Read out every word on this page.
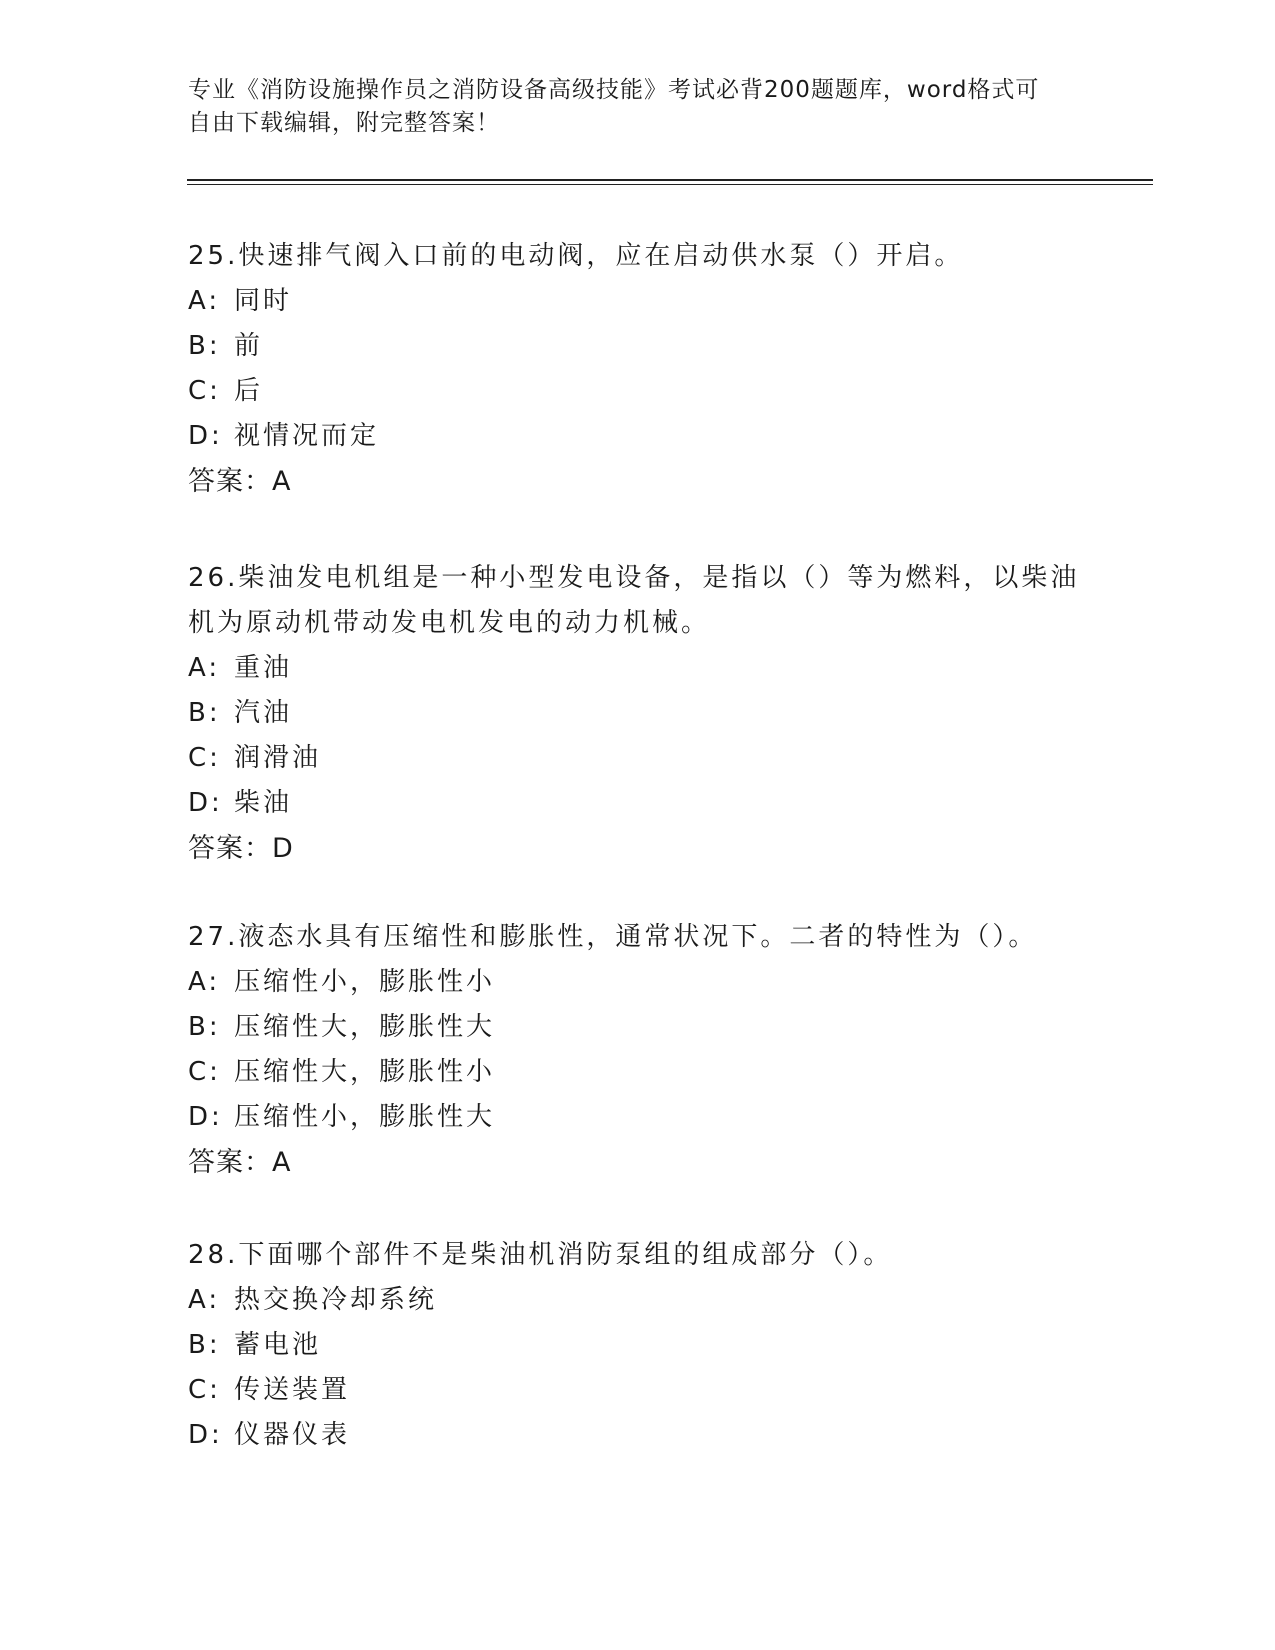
专业《消防设施操作员之消防设备高级技能》考试必背200题题库，word格式可
自由下载编辑，附完整答案！

25.快速排气阀入口前的电动阀，应在启动供水泵（）开启。

A: 同时

B: 前

C: 后

D: 视情况而定

答案：A

26.柴油发电机组是一种小型发电设备，是指以（）等为燃料，以柴油

机为原动机带动发电机发电的动力机械。

A: 重油

B: 汽油

C: 润滑油

D: 柴油

答案：D

27.液态水具有压缩性和膨胀性，通常状况下。二者的特性为（）。

A: 压缩性小，膨胀性小

B: 压缩性大，膨胀性大

C: 压缩性大，膨胀性小

D: 压缩性小，膨胀性大

答案：A

28.下面哪个部件不是柴油机消防泵组的组成部分（）。

A: 热交换冷却系统

B: 蓄电池

C: 传送装置

D: 仪器仪表
